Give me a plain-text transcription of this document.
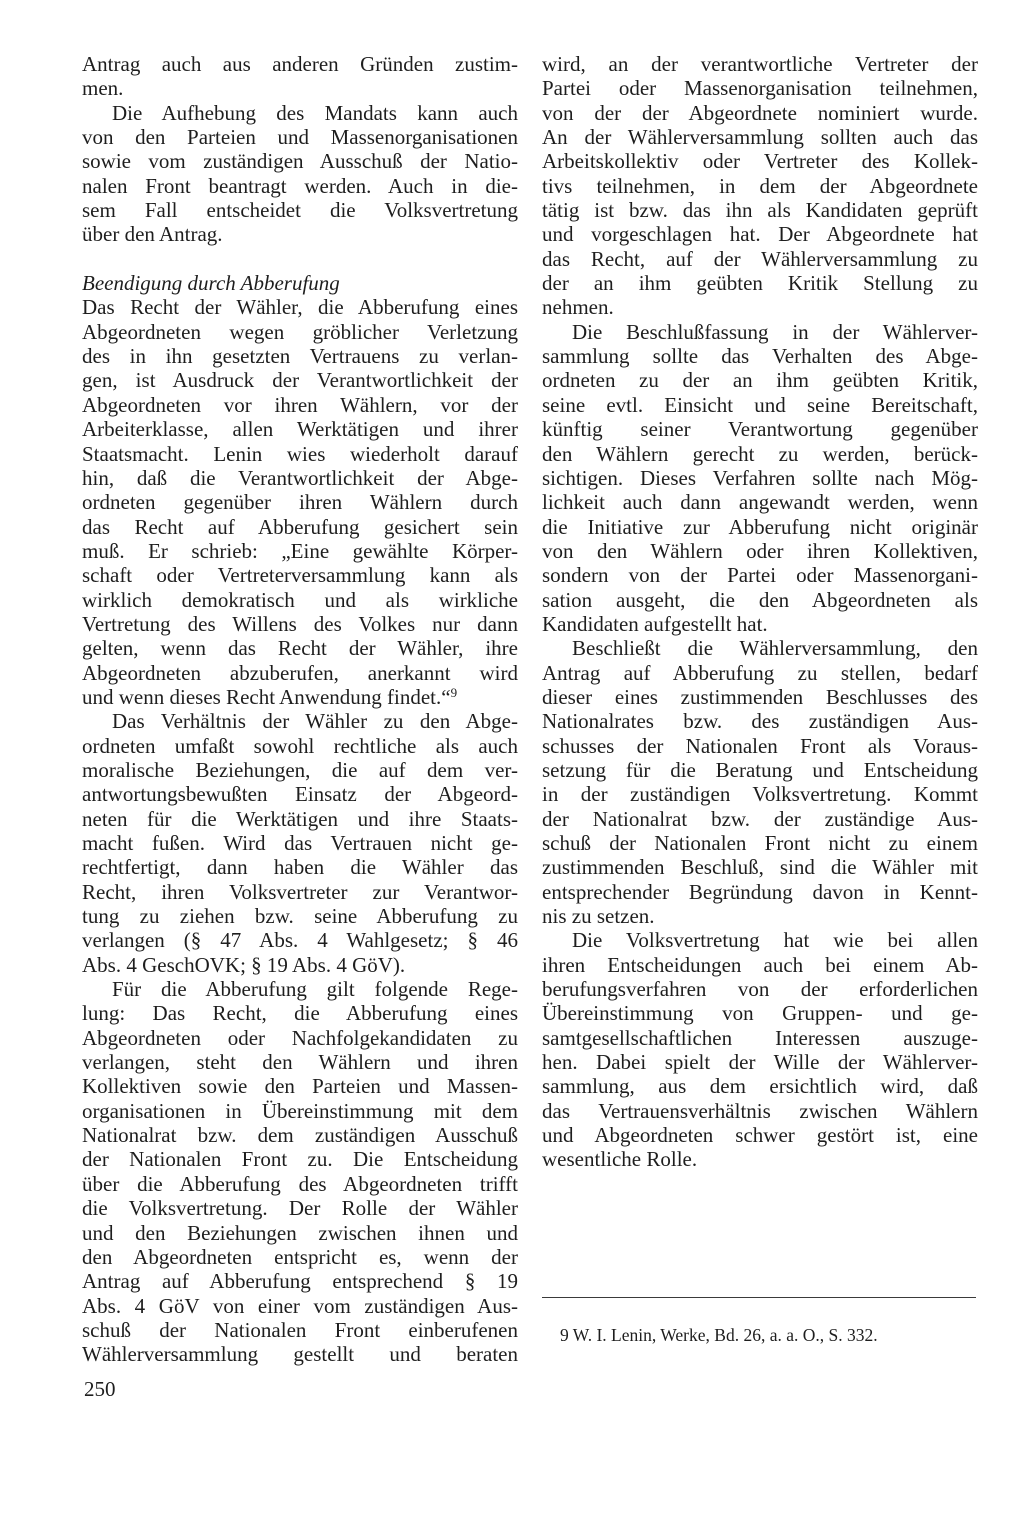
Antrag auch aus anderen Gründen zustim-
men.
Die Aufhebung des Mandats kann auch
von den Parteien und Massenorganisationen
sowie vom zuständigen Ausschuß der Natio-
nalen Front beantragt werden. Auch in die-
sem Fall entscheidet die Volksvertretung
über den Antrag.
Beendigung durch Abberufung
Das Recht der Wähler, die Abberufung eines
Abgeordneten wegen gröblicher Verletzung
des in ihn gesetzten Vertrauens zu verlan-
gen, ist Ausdruck der Verantwortlichkeit der
Abgeordneten vor ihren Wählern, vor der
Arbeiterklasse, allen Werktätigen und ihrer
Staatsmacht. Lenin wies wiederholt darauf
hin, daß die Verantwortlichkeit der Abge-
ordneten gegenüber ihren Wählern durch
das Recht auf Abberufung gesichert sein
muß. Er schrieb: „Eine gewählte Körper-
schaft oder Vertreterversammlung kann als
wirklich demokratisch und als wirkliche
Vertretung des Willens des Volkes nur dann
gelten, wenn das Recht der Wähler, ihre
Abgeordneten abzuberufen, anerkannt wird
und wenn dieses Recht Anwendung findet.“$^9$
Das Verhältnis der Wähler zu den Abge-
ordneten umfaßt sowohl rechtliche als auch
moralische Beziehungen, die auf dem ver-
antwortungsbewußten Einsatz der Abgeord-
neten für die Werktätigen und ihre Staats-
macht fußen. Wird das Vertrauen nicht ge-
rechtfertigt, dann haben die Wähler das
Recht, ihren Volksvertreter zur Verantwor-
tung zu ziehen bzw. seine Abberufung zu
verlangen (§ 47 Abs. 4 Wahlgesetz; § 46
Abs. 4 GeschOVK; § 19 Abs. 4 GöV).
Für die Abberufung gilt folgende Rege-
lung: Das Recht, die Abberufung eines
Abgeordneten oder Nachfolgekandidaten zu
verlangen, steht den Wählern und ihren
Kollektiven sowie den Parteien und Massen-
organisationen in Übereinstimmung mit dem
Nationalrat bzw. dem zuständigen Ausschuß
der Nationalen Front zu. Die Entscheidung
über die Abberufung des Abgeordneten trifft
die Volksvertretung. Der Rolle der Wähler
und den Beziehungen zwischen ihnen und
den Abgeordneten entspricht es, wenn der
Antrag auf Abberufung entsprechend § 19
Abs. 4 GöV von einer vom zuständigen Aus-
schuß der Nationalen Front einberufenen
Wählerversammlung gestellt und beraten
wird, an der verantwortliche Vertreter der
Partei oder Massenorganisation teilnehmen,
von der der Abgeordnete nominiert wurde.
An der Wählerversammlung sollten auch das
Arbeitskollektiv oder Vertreter des Kollek-
tivs teilnehmen, in dem der Abgeordnete
tätig ist bzw. das ihn als Kandidaten geprüft
und vorgeschlagen hat. Der Abgeordnete hat
das Recht, auf der Wählerversammlung zu
der an ihm geübten Kritik Stellung zu
nehmen.
Die Beschlußfassung in der Wählerver-
sammlung sollte das Verhalten des Abge-
ordneten zu der an ihm geübten Kritik,
seine evtl. Einsicht und seine Bereitschaft,
künftig seiner Verantwortung gegenüber
den Wählern gerecht zu werden, berück-
sichtigen. Dieses Verfahren sollte nach Mög-
lichkeit auch dann angewandt werden, wenn
die Initiative zur Abberufung nicht originär
von den Wählern oder ihren Kollektiven,
sondern von der Partei oder Massenorgani-
sation ausgeht, die den Abgeordneten als
Kandidaten aufgestellt hat.
Beschließt die Wählerversammlung, den
Antrag auf Abberufung zu stellen, bedarf
dieser eines zustimmenden Beschlusses des
Nationalrates bzw. des zuständigen Aus-
schusses der Nationalen Front als Voraus-
setzung für die Beratung und Entscheidung
in der zuständigen Volksvertretung. Kommt
der Nationalrat bzw. der zuständige Aus-
schuß der Nationalen Front nicht zu einem
zustimmenden Beschluß, sind die Wähler mit
entsprechender Begründung davon in Kennt-
nis zu setzen.
Die Volksvertretung hat wie bei allen
ihren Entscheidungen auch bei einem Ab-
berufungsverfahren von der erforderlichen
Übereinstimmung von Gruppen- und ge-
samtgesellschaftlichen Interessen auszuge-
hen. Dabei spielt der Wille der Wählerver-
sammlung, aus dem ersichtlich wird, daß
das Vertrauensverhältnis zwischen Wählern
und Abgeordneten schwer gestört ist, eine
wesentliche Rolle.
9 W. I. Lenin, Werke, Bd. 26, a. a. O., S. 332.
250
